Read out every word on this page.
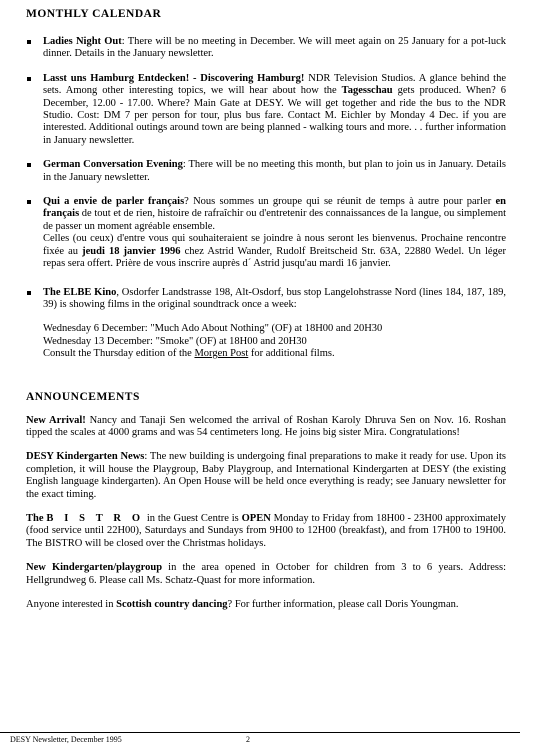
MONTHLY CALENDAR

Ladies Night Out: There will be no meeting in December. We will meet again on 25 January for a pot-luck dinner. Details in the January newsletter.
Lasst uns Hamburg Entdecken! - Discovering Hamburg! NDR Television Studios. A glance behind the sets. Among other interesting topics, we will hear about how the Tagesschau gets produced. When? 6 December, 12.00 - 17.00. Where? Main Gate at DESY. We will get together and ride the bus to the NDR Studio. Cost: DM 7 per person for tour, plus bus fare. Contact M. Eichler by Monday 4 Dec. if you are interested. Additional outings around town are being planned - walking tours and more. . . further information in January newsletter.
German Conversation Evening: There will be no meeting this month, but plan to join us in January. Details in the January newsletter.
Qui a envie de parler français? Nous sommes un groupe qui se réunit de temps à autre pour parler en français de tout et de rien, histoire de rafraîchir ou d'entretenir des connaissances de la langue, ou simplement de passer un moment agréable ensemble.
Celles (ou ceux) d'entre vous qui souhaiteraient se joindre à nous seront les bienvenus. Prochaine rencontre fixée au jeudi 18 janvier 1996 chez Astrid Wander, Rudolf Breitscheid Str. 63A, 22880 Wedel. Un léger repas sera offert. Prière de vous inscrire auprès d´ Astrid jusqu'au mardi 16 janvier.
The ELBE Kino, Osdorfer Landstrasse 198, Alt-Osdorf, bus stop Langelohstrasse Nord (lines 184, 187, 189, 39) is showing films in the original soundtrack once a week:
Wednesday 6 December: "Much Ado About Nothing" (OF) at 18H00 and 20H30
Wednesday 13 December: "Smoke" (OF) at 18H00 and 20H30
Consult the Thursday edition of the Morgen Post for additional films.

ANNOUNCEMENTS

New Arrival! Nancy and Tanaji Sen welcomed the arrival of Roshan Karoly Dhruva Sen on Nov. 16. Roshan tipped the scales at 4000 grams and was 54 centimeters long. He joins big sister Mira. Congratulations!

DESY Kindergarten News: The new building is undergoing final preparations to make it ready for use. Upon its completion, it will house the Playgroup, Baby Playgroup, and International Kindergarten at DESY (the existing English language kindergarten). An Open House will be held once everything is ready; see January newsletter for the exact timing.

The B I S T R O in the Guest Centre is OPEN Monday to Friday from 18H00 - 23H00 approximately (food service until 22H00), Saturdays and Sundays from 9H00 to 12H00 (breakfast), and from 17H00 to 19H00. The BISTRO will be closed over the Christmas holidays.

New Kindergarten/playgroup in the area opened in October for children from 3 to 6 years. Address: Hellgrundweg 6. Please call Ms. Schatz-Quast for more information.

Anyone interested in Scottish country dancing? For further information, please call Doris Youngman.

DESY Newsletter, December 1995	2
